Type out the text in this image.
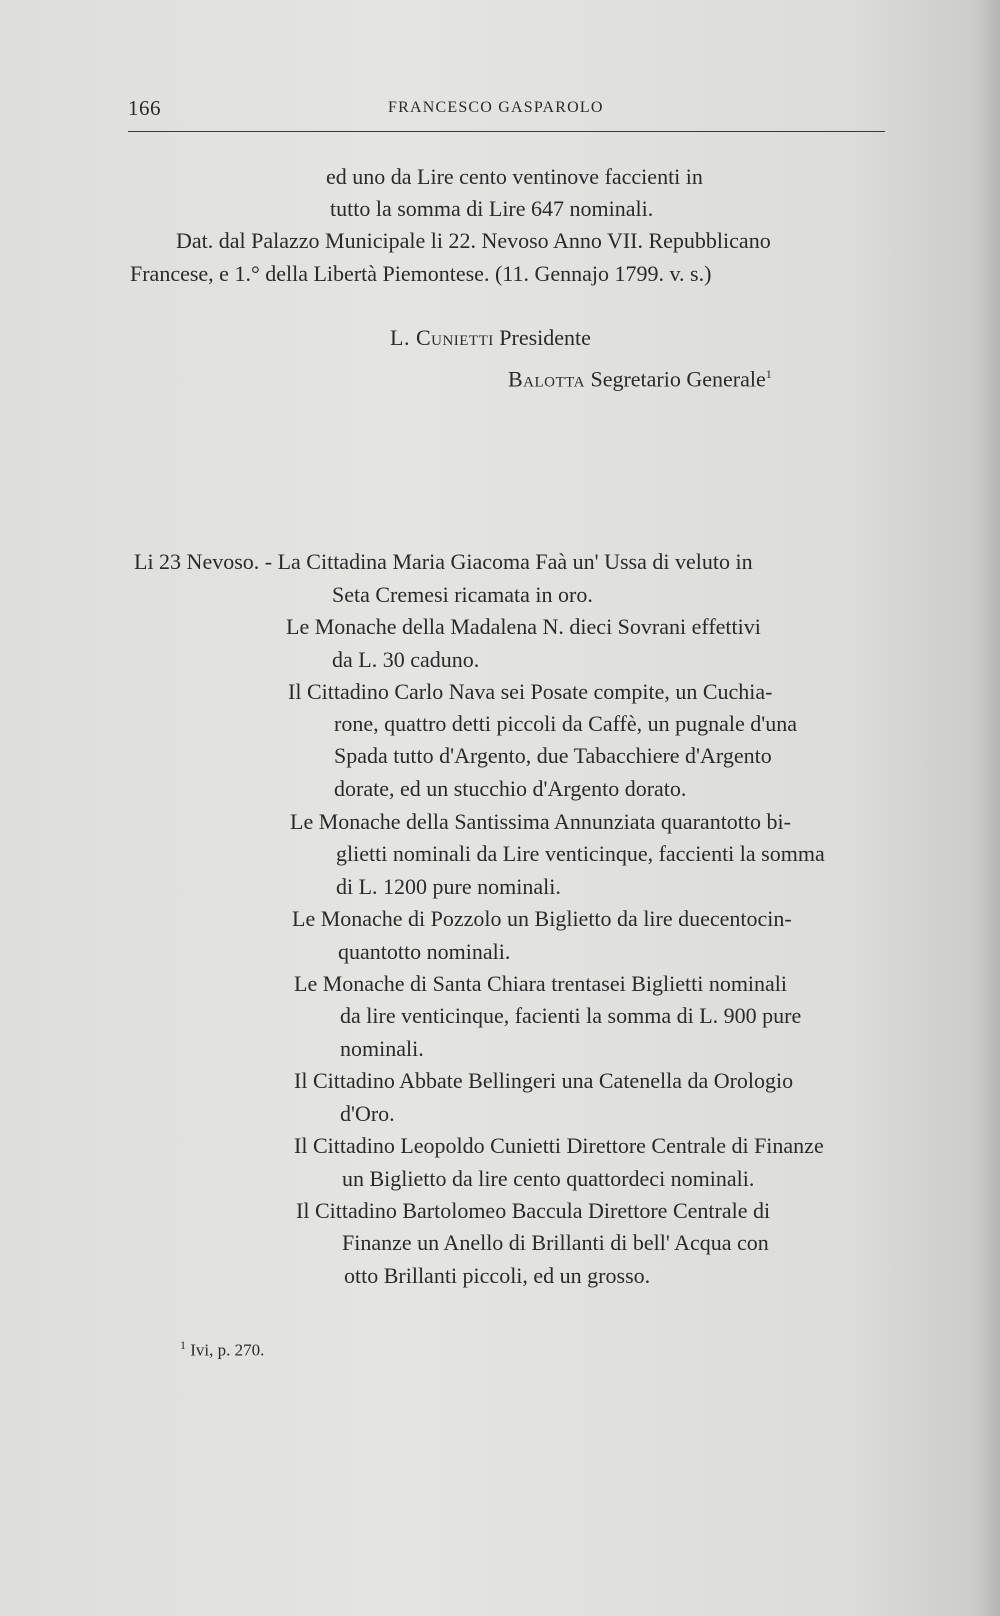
166	FRANCESCO GASPAROLO
ed uno da Lire cento ventinove faccienti in
tutto la somma di Lire 647 nominali.
Dat. dal Palazzo Municipale li 22. Nevoso Anno VII. Repubblicano
Francese, e 1.° della Libertà Piemontese. (11. Gennajo 1799. v. s.)
L. Cunietti Presidente
Balotta Segretario Generale$^1$
Li 23 Nevoso. - La Cittadina Maria Giacoma Faà un' Ussa di veluto in
Seta Cremesi ricamata in oro.
Le Monache della Madalena N. dieci Sovrani effettivi
da L. 30 caduno.
Il Cittadino Carlo Nava sei Posate compite, un Cuchia-
rone, quattro detti piccoli da Caffè, un pugnale d'una
Spada tutto d'Argento, due Tabacchiere d'Argento
dorate, ed un stucchio d'Argento dorato.
Le Monache della Santissima Annunziata quarantotto bi-
glietti nominali da Lire venticinque, faccienti la somma
di L. 1200 pure nominali.
Le Monache di Pozzolo un Biglietto da lire duecentocin-
quantotto nominali.
Le Monache di Santa Chiara trentasei Biglietti nominali
da lire venticinque, facienti la somma di L. 900 pure
nominali.
Il Cittadino Abbate Bellingeri una Catenella da Orologio
d'Oro.
Il Cittadino Leopoldo Cunietti Direttore Centrale di Finanze
un Biglietto da lire cento quattordeci nominali.
Il Cittadino Bartolomeo Baccula Direttore Centrale di
Finanze un Anello di Brillanti di bell' Acqua con
otto Brillanti piccoli, ed un grosso.
$^1$ Ivi, p. 270.
